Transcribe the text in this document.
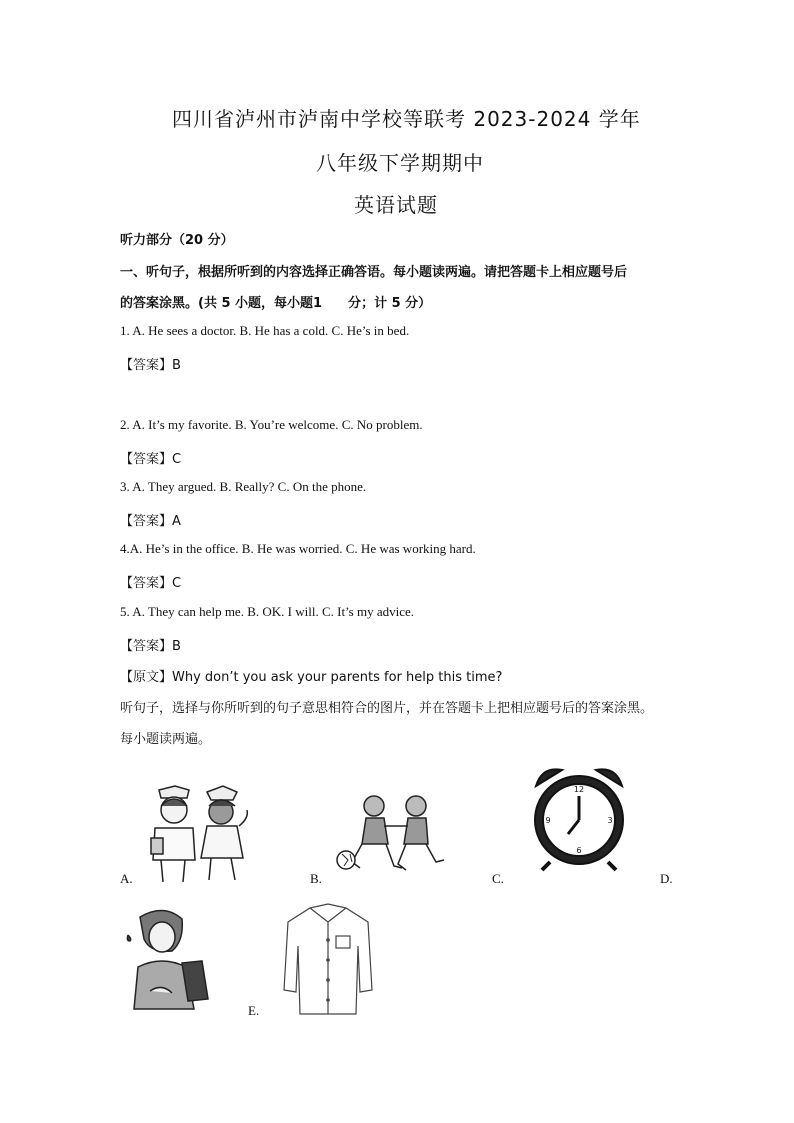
四川省泸州市泸南中学校等联考 2023-2024 学年
八年级下学期期中
英语试题
听力部分（20 分）
一、听句子，根据所听到的内容选择正确答语。每小题读两遍。请把答题卡上相应题号后
的答案涂黑。(共 5 小题，每小题1　　分；计 5 分）
1. A. He sees a doctor. B. He has a cold. C. He’s in bed.
【答案】B
2. A. It’s my favorite. B. You’re welcome. C. No problem.
【答案】C
3. A. They argued. B. Really? C. On the phone.
【答案】A
4.A. He’s in the office. B. He was worried. C. He was working hard.
【答案】C
5. A. They can help me. B. OK. I will. C. It’s my advice.
【答案】B
【原文】Why don’t you ask your parents for help this time?
听句子，选择与你所听到的句子意思相符合的图片，并在答题卡上把相应题号后的答案涂黑。
每小题读两遍。
A.	B.
12
3
6
9
C.	D.
E.
